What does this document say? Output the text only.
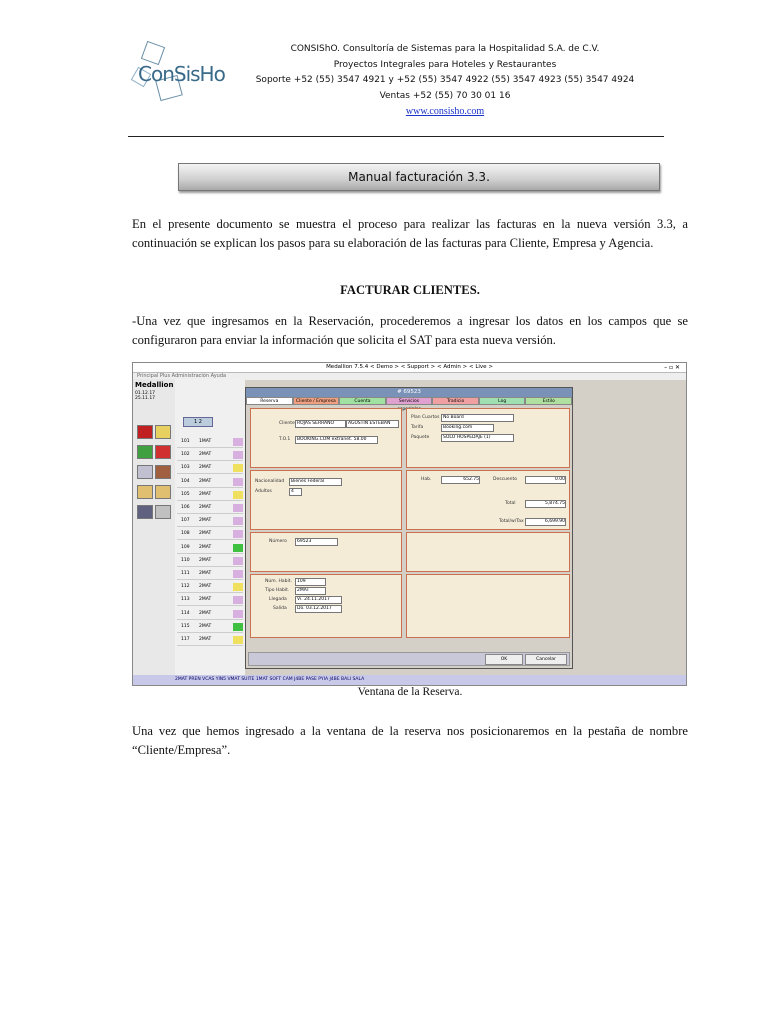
ConSisHo
CONSIShO. Consultoría de Sistemas para la Hospitalidad S.A. de C.V.
Proyectos Integrales para Hoteles y Restaurantes
Soporte +52 (55) 3547 4921 y +52 (55) 3547 4922 (55) 3547 4923 (55) 3547 4924
Ventas +52 (55) 70 30 01 16
www.consisho.com
Manual facturación 3.3.
En el presente documento se muestra el proceso para realizar las facturas en la nueva versión 3.3, a continuación se explican los pasos para su elaboración de las facturas para Cliente, Empresa y Agencia.
FACTURAR CLIENTES.
-Una vez que ingresamos en la Reservación, procederemos a ingresar los datos en los campos que se configuraron para enviar la información que solicita el SAT para esta nueva versión.
Medallion 7.5.4 < Demo > < Support > < Admin > < Live >	– ▫ ✕
Principal Plus Administración Ayuda
Medallion
01.12.17
25.11.17
1 2
101 1MAT
102 2MAT
103 2MAT
104 2MAT
105 2MAT
106 2MAT
107 2MAT
108 2MAT
109 2MAT
110 2MAT
111 2MAT
112 2MAT
113 2MAT
114 2MAT
115 2MAT
117 2MAT
# 69523
Reserva	Cliente / Empresa	Cuenta	Servicios	Tradicio	Log	Estilo
Cliente ROJAS SERRANO	AGUSTIN ESTEBAN
T.O.1	BOOKING.COM extranet. 58.00
Plan Cuartos No Board
Tarifa	Booking.com
Paquete	SOLO HOSPEDAJE (1)
Nacionalidad	Bienes Federal
Adultos	4
Hab.	652.75	Descuento	0.00
Total	5,874.75
Total/w/Tax	6,699.90
Número	69523
Núm. Habit.	109
Tipo Habit.	2MAT
Llegada	Vi. 24.11.2017
Salida	Do. 03.12.2017
OK	Cancelar
2MAT PREN VCAS YIN5 VMAT SUITE 1MAT SOFT CAM J4BE PASE PYIA J4BE BALI SALA
Ventana de la Reserva.
Una vez que hemos ingresado a la ventana de la reserva nos posicionaremos en la pestaña de nombre “Cliente/Empresa”.
